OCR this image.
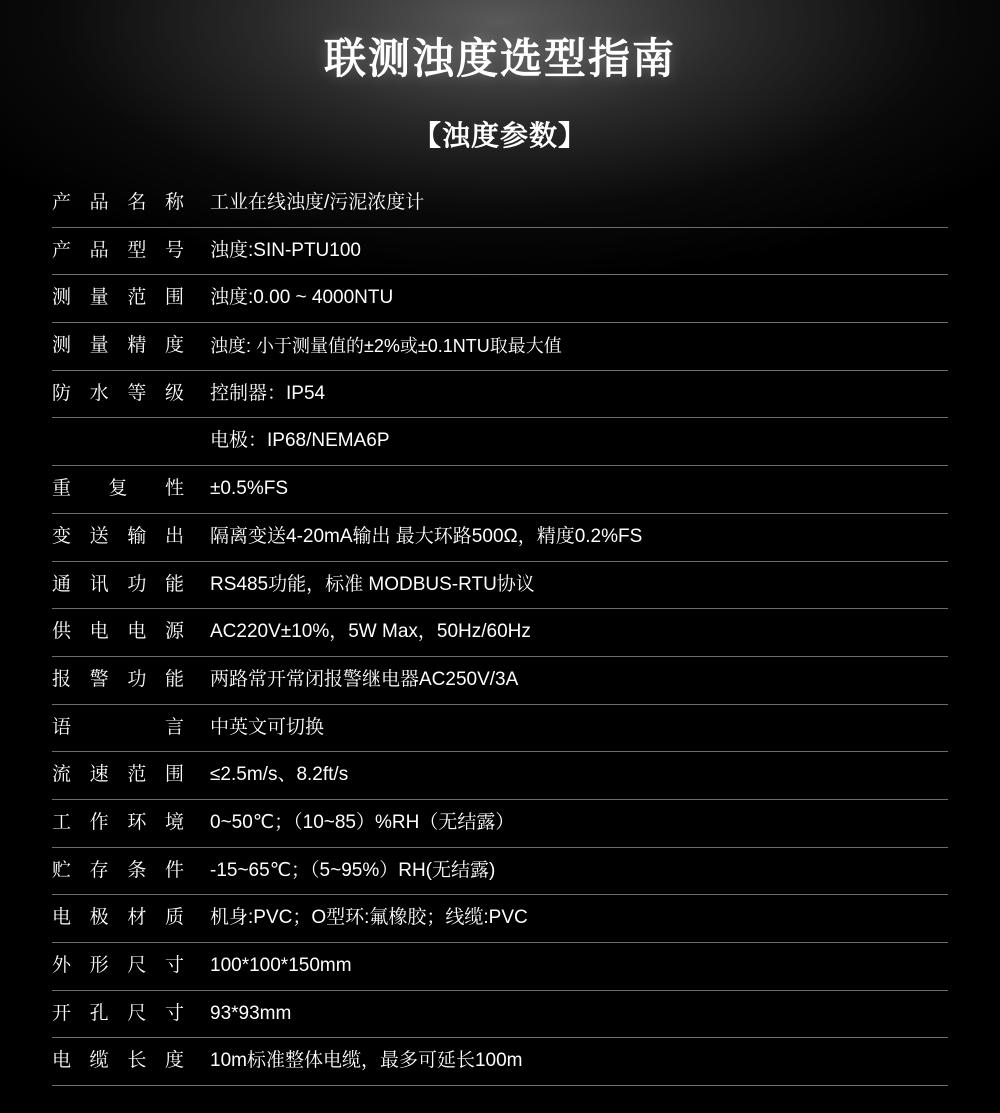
联测浊度选型指南
【浊度参数】
产品名称	工业在线浊度/污泥浓度计
产品型号	浊度:SIN-PTU100
测量范围	浊度:0.00 ~ 4000NTU
测量精度	浊度: 小于测量值的±2%或±0.1NTU取最大值
防水等级	控制器：IP54
	电极：IP68/NEMA6P
重复性	±0.5%FS
变送输出	隔离变送4-20mA输出 最大环路500Ω，精度0.2%FS
通讯功能	RS485功能，标准 MODBUS-RTU协议
供电电源	AC220V±10%，5W Max，50Hz/60Hz
报警功能	两路常开常闭报警继电器AC250V/3A
语言	中英文可切换
流速范围	≤2.5m/s、8.2ft/s
工作环境	0~50℃；（10~85）%RH（无结露）
贮存条件	-15~65℃；（5~95%）RH(无结露)
电极材质	机身:PVC；O型环:氟橡胶；线缆:PVC
外形尺寸	100*100*150mm
开孔尺寸	93*93mm
电缆长度	10m标准整体电缆，最多可延长100m
